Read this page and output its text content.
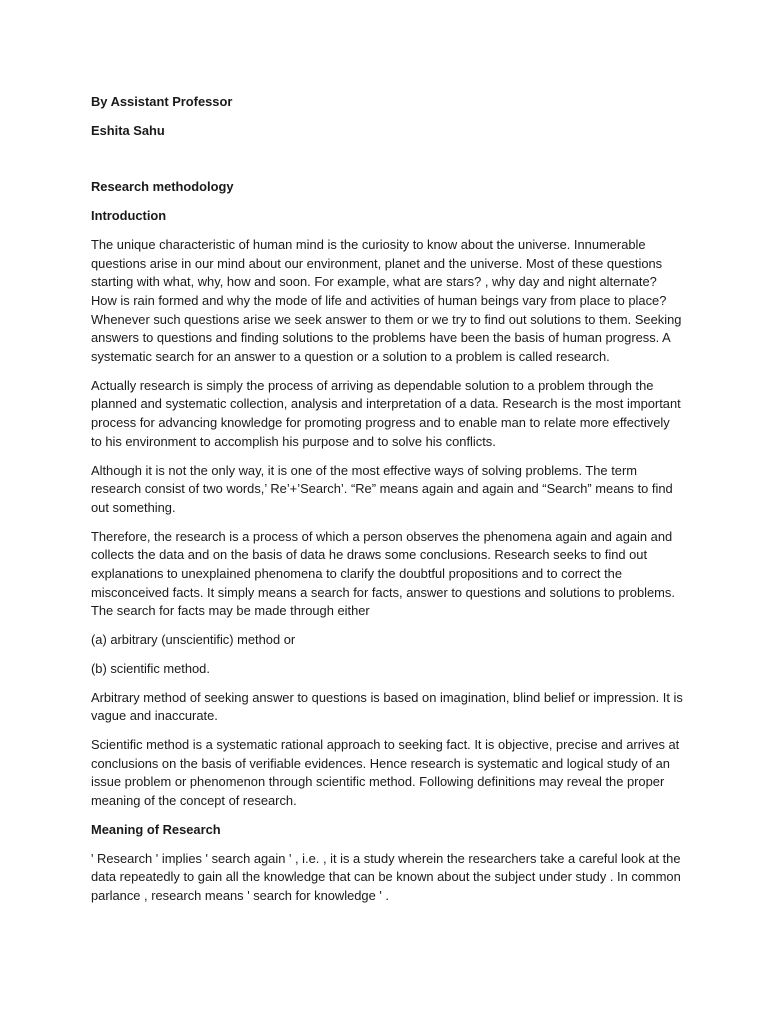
By Assistant Professor

Eshita Sahu

Research methodology

Introduction

The unique characteristic of human mind is the curiosity to know about the universe. Innumerable questions arise in our mind about our environment, planet and the universe. Most of these questions starting with what, why, how and soon. For example, what are stars? , why day and night alternate? How is rain formed and why the mode of life and activities of human beings vary from place to place? Whenever such questions arise we seek answer to them or we try to find out solutions to them. Seeking answers to questions and finding solutions to the problems have been the basis of human progress. A systematic search for an answer to a question or a solution to a problem is called research.

Actually research is simply the process of arriving as dependable solution to a problem through the planned and systematic collection, analysis and interpretation of a data. Research is the most important process for advancing knowledge for promoting progress and to enable man to relate more effectively to his environment to accomplish his purpose and to solve his conflicts.

Although it is not the only way, it is one of the most effective ways of solving problems. The term research consist of two words,’ Re’+’Search’. “Re” means again and again and “Search” means to find out something.

Therefore, the research is a process of which a person observes the phenomena again and again and collects the data and on the basis of data he draws some conclusions. Research seeks to find out explanations to unexplained phenomena to clarify the doubtful propositions and to correct the misconceived facts. It simply means a search for facts, answer to questions and solutions to problems. The search for facts may be made through either

(a) arbitrary (unscientific) method or

(b) scientific method.

Arbitrary method of seeking answer to questions is based on imagination, blind belief or impression. It is vague and inaccurate.

Scientific method is a systematic rational approach to seeking fact. It is objective, precise and arrives at conclusions on the basis of verifiable evidences. Hence research is systematic and logical study of an issue problem or phenomenon through scientific method. Following definitions may reveal the proper meaning of the concept of research.

Meaning of Research

' Research ' implies ' search again ' , i.e. , it is a study wherein the researchers take a careful look at the data repeatedly to gain all the knowledge that can be known about the subject under study . In common parlance , research means ' search for knowledge ' .
